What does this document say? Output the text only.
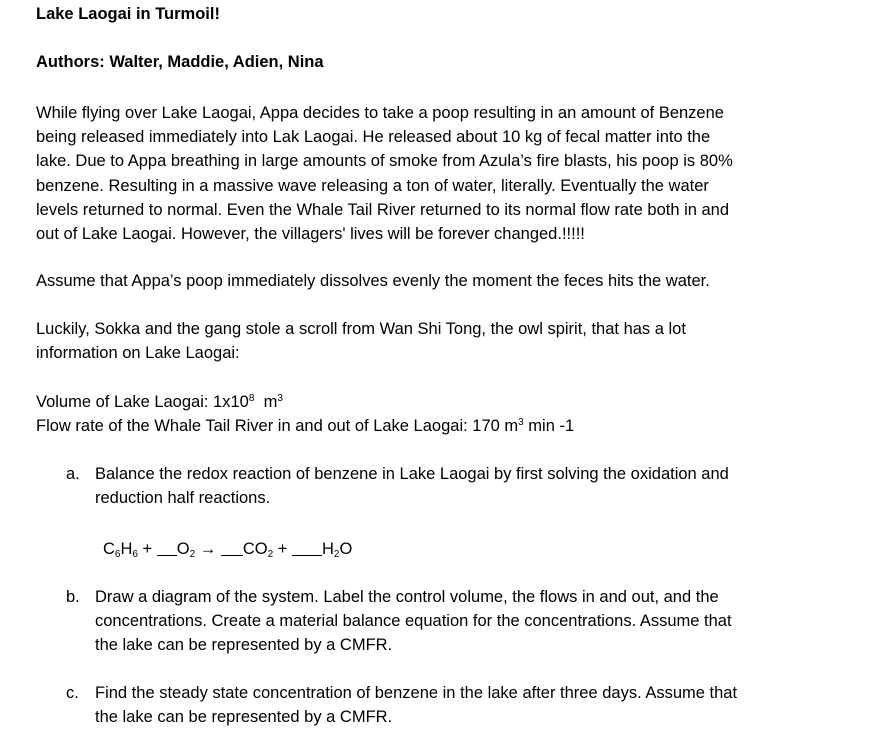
Lake Laogai in Turmoil!

Authors: Walter, Maddie, Adien, Nina

While flying over Lake Laogai, Appa decides to take a poop resulting in an amount of Benzene
being released immediately into Lak Laogai. He released about 10 kg of fecal matter into the
lake. Due to Appa breathing in large amounts of smoke from Azula’s fire blasts, his poop is 80%
benzene. Resulting in a massive wave releasing a ton of water, literally. Eventually the water
levels returned to normal. Even the Whale Tail River returned to its normal flow rate both in and
out of Lake Laogai. However, the villagers' lives will be forever changed.!!!!!
Assume that Appa’s poop immediately dissolves evenly the moment the feces hits the water.
Luckily, Sokka and the gang stole a scroll from Wan Shi Tong, the owl spirit, that has a lot
information on Lake Laogai:
Volume of Lake Laogai: $1x10^8$ $m^3$
Flow rate of the Whale Tail River in and out of Lake Laogai: 170 $m^3$ min -1
a. Balance the redox reaction of benzene in Lake Laogai by first solving the oxidation and
reduction half reactions.
$C_6H_6 + O_2 \to CO_2 + H_2O$
b. Draw a diagram of the system. Label the control volume, the flows in and out, and the
concentrations. Create a material balance equation for the concentrations. Assume that
the lake can be represented by a CMFR.
c. Find the steady state concentration of benzene in the lake after three days. Assume that
the lake can be represented by a CMFR.
